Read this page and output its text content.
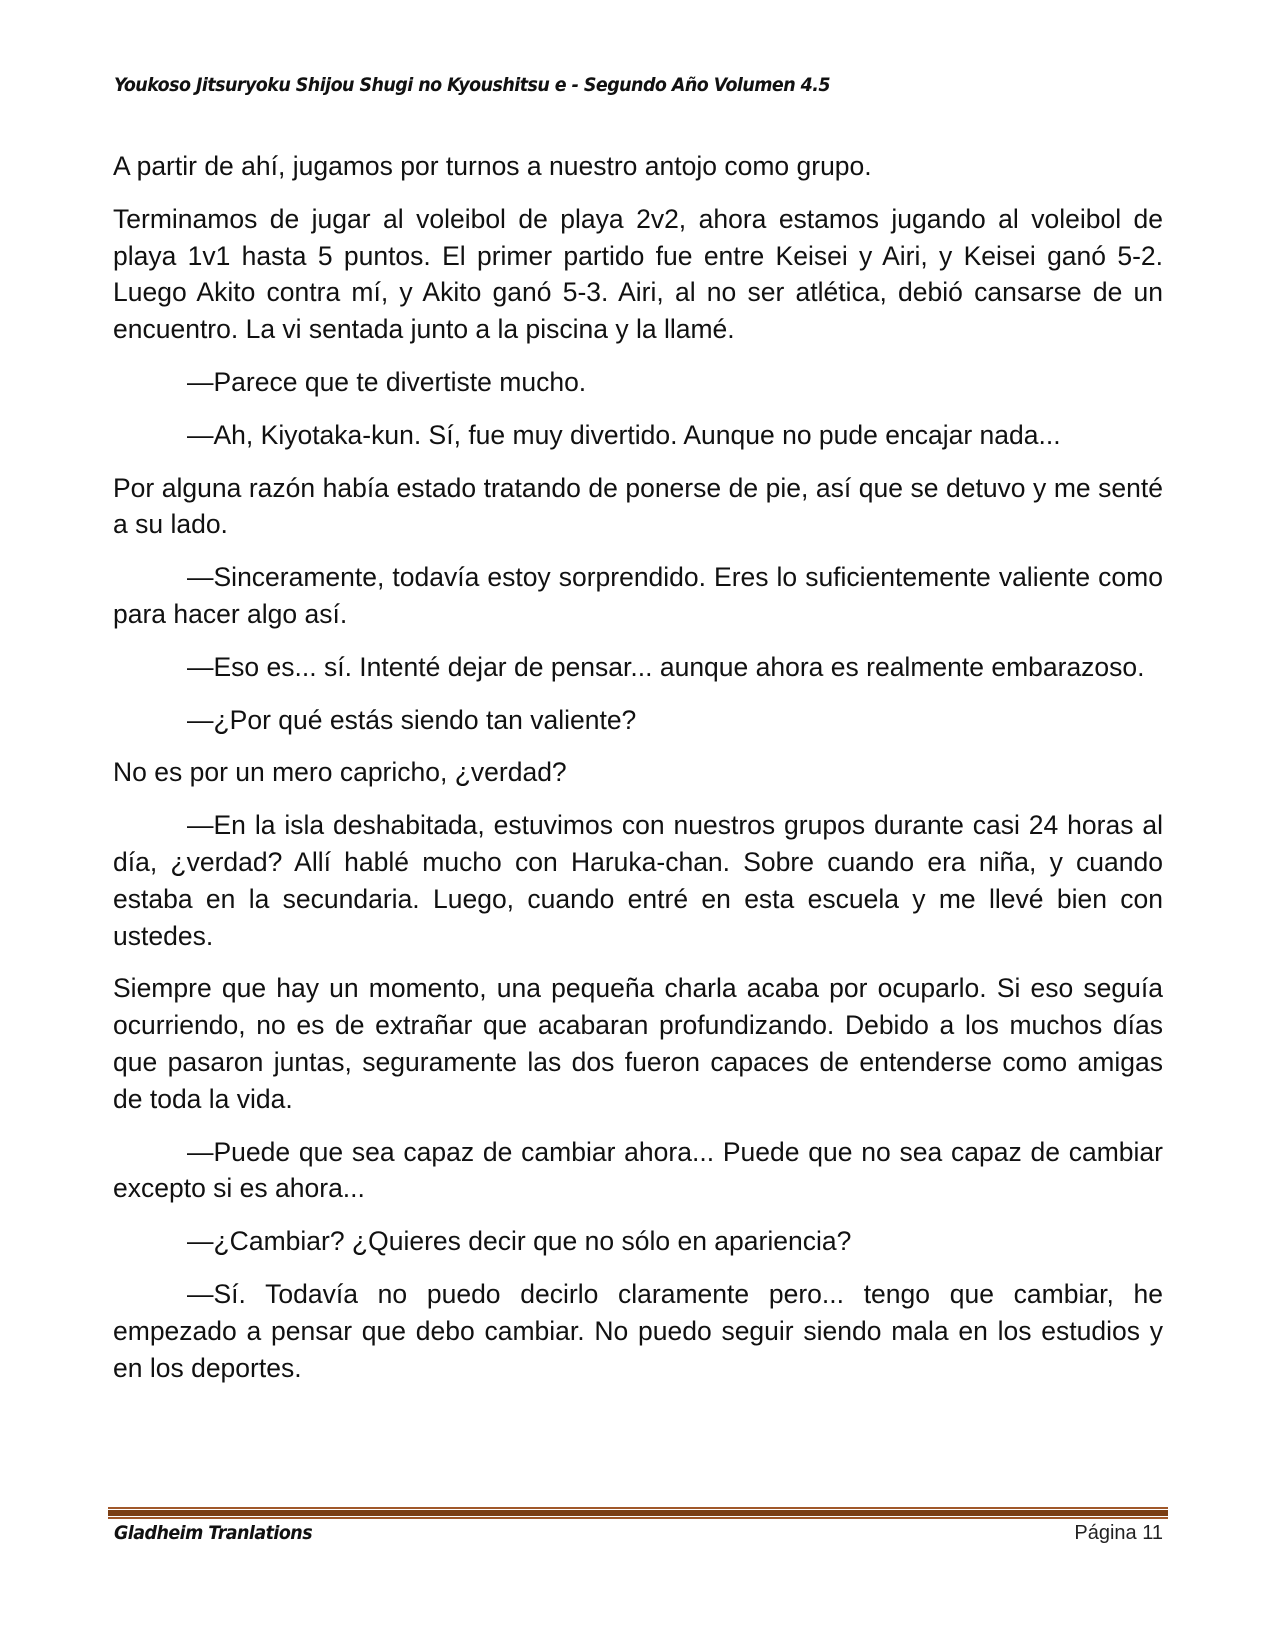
Youkoso Jitsuryoku Shijou Shugi no Kyoushitsu e - Segundo Año Volumen 4.5

A partir de ahí, jugamos por turnos a nuestro antojo como grupo.

Terminamos de jugar al voleibol de playa 2v2, ahora estamos jugando al voleibol de playa 1v1 hasta 5 puntos. El primer partido fue entre Keisei y Airi, y Keisei ganó 5-2. Luego Akito contra mí, y Akito ganó 5-3. Airi, al no ser atlética, debió cansarse de un encuentro. La vi sentada junto a la piscina y la llamé.

—Parece que te divertiste mucho.

—Ah, Kiyotaka-kun. Sí, fue muy divertido. Aunque no pude encajar nada...

Por alguna razón había estado tratando de ponerse de pie, así que se detuvo y me senté a su lado.

—Sinceramente, todavía estoy sorprendido. Eres lo suficientemente valiente como para hacer algo así.

—Eso es... sí. Intenté dejar de pensar... aunque ahora es realmente embarazoso.

—¿Por qué estás siendo tan valiente?

No es por un mero capricho, ¿verdad?

—En la isla deshabitada, estuvimos con nuestros grupos durante casi 24 horas al día, ¿verdad? Allí hablé mucho con Haruka-chan. Sobre cuando era niña, y cuando estaba en la secundaria. Luego, cuando entré en esta escuela y me llevé bien con ustedes.

Siempre que hay un momento, una pequeña charla acaba por ocuparlo. Si eso seguía ocurriendo, no es de extrañar que acabaran profundizando. Debido a los muchos días que pasaron juntas, seguramente las dos fueron capaces de entenderse como amigas de toda la vida.

—Puede que sea capaz de cambiar ahora... Puede que no sea capaz de cambiar excepto si es ahora...

—¿Cambiar? ¿Quieres decir que no sólo en apariencia?

—Sí. Todavía no puedo decirlo claramente pero... tengo que cambiar, he empezado a pensar que debo cambiar. No puedo seguir siendo mala en los estudios y en los deportes.

Gladheim Tranlations	Página 11
